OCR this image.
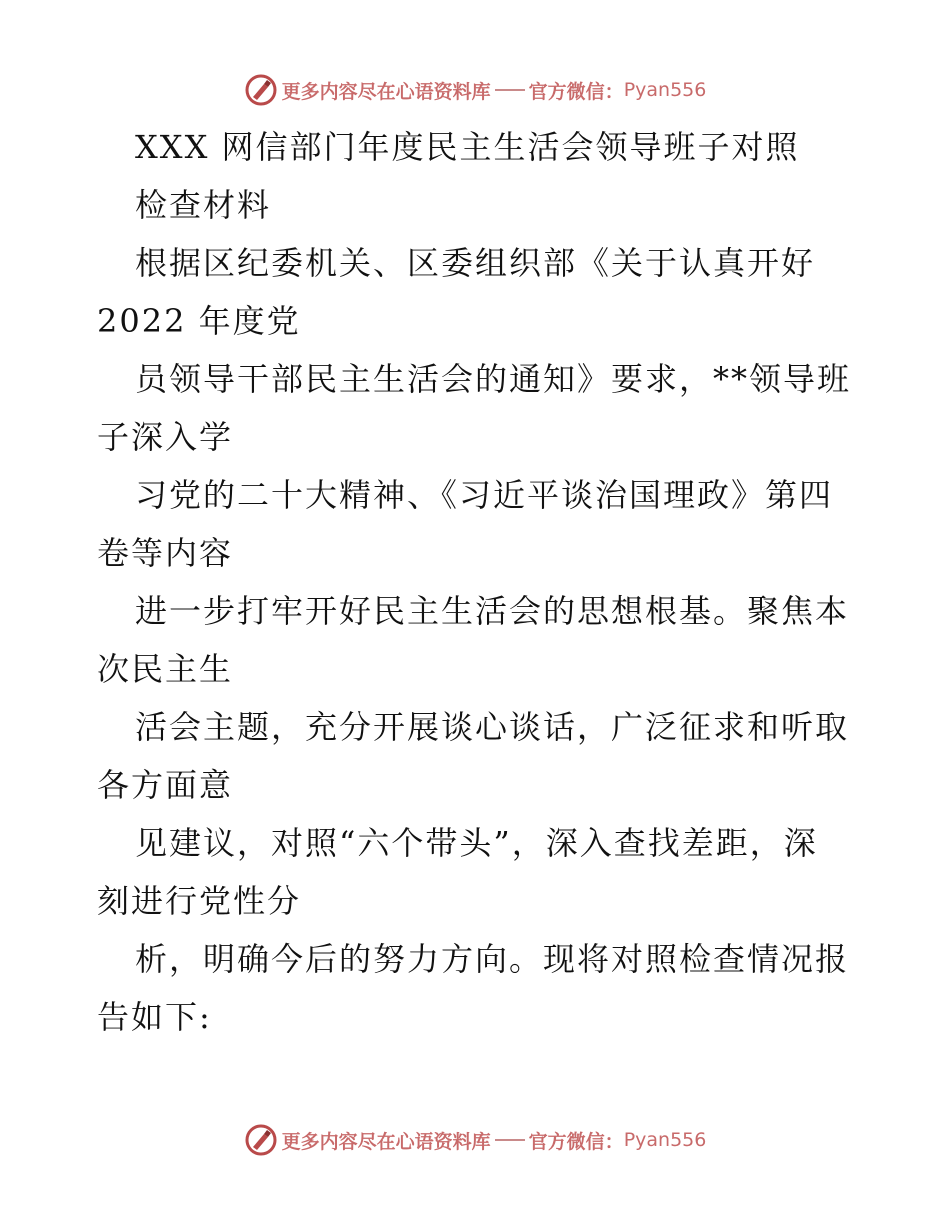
更多内容尽在心语资料库 官方微信： Pyan556
XXX 网信部门年度民主生活会领导班子对照
检查材料
根据区纪委机关、区委组织部《关于认真开好
2022 年度党
员领导干部民主生活会的通知》要求，**领导班
子深入学
习党的二十大精神、《习近平谈治国理政》第四
卷等内容
进一步打牢开好民主生活会的思想根基。聚焦本
次民主生
活会主题，充分开展谈心谈话，广泛征求和听取
各方面意
见建议，对照“六个带头”，深入查找差距，深
刻进行党性分
析，明确今后的努力方向。现将对照检查情况报
告如下:
更多内容尽在心语资料库 官方微信： Pyan556
